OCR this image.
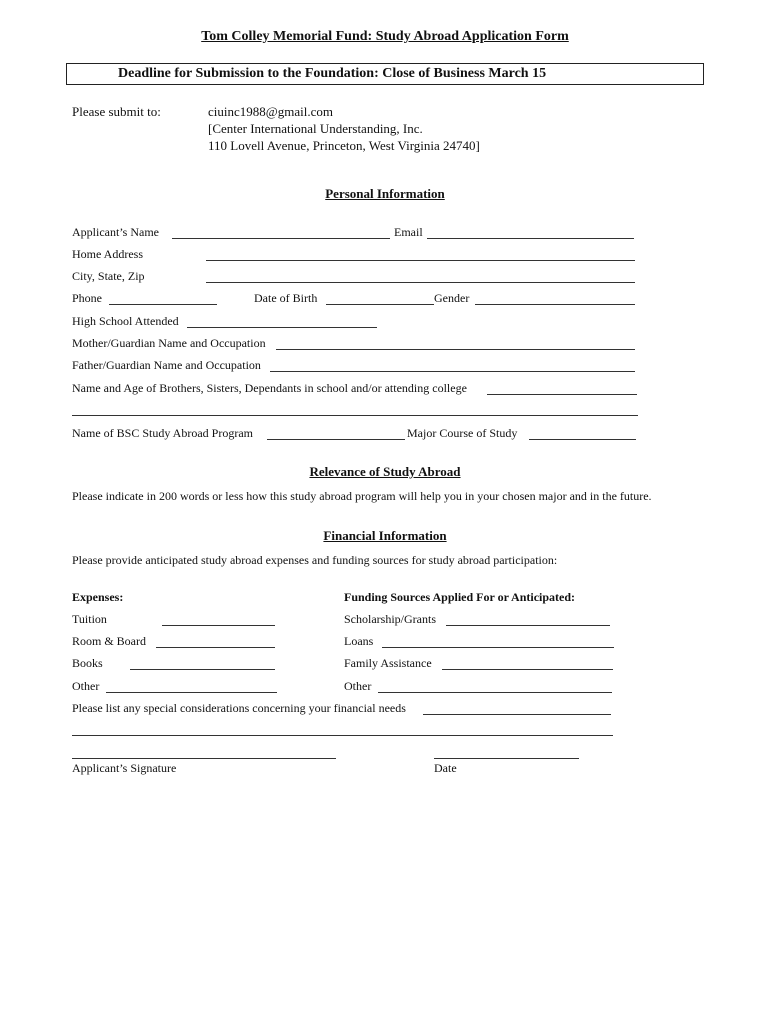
Tom Colley Memorial Fund: Study Abroad Application Form
Deadline for Submission to the Foundation: Close of Business March 15
Please submit to:	ciuinc1988@gmail.com
[Center International Understanding, Inc.
110 Lovell Avenue, Princeton, West Virginia 24740]
Personal Information
Applicant’s Name	Email
Home Address
City, State, Zip
Phone	Date of Birth	Gender
High School Attended
Mother/Guardian Name and Occupation
Father/Guardian Name and Occupation
Name and Age of Brothers, Sisters, Dependants in school and/or attending college
Name of BSC Study Abroad Program	Major Course of Study
Relevance of Study Abroad
Please indicate in 200 words or less how this study abroad program will help you in your chosen major and in the future.
Financial Information
Please provide anticipated study abroad expenses and funding sources for study abroad participation:
Expenses:	Funding Sources Applied For or Anticipated:
Tuition	Scholarship/Grants
Room & Board	Loans
Books	Family Assistance
Other	Other
Please list any special considerations concerning your financial needs
Applicant’s Signature	Date
